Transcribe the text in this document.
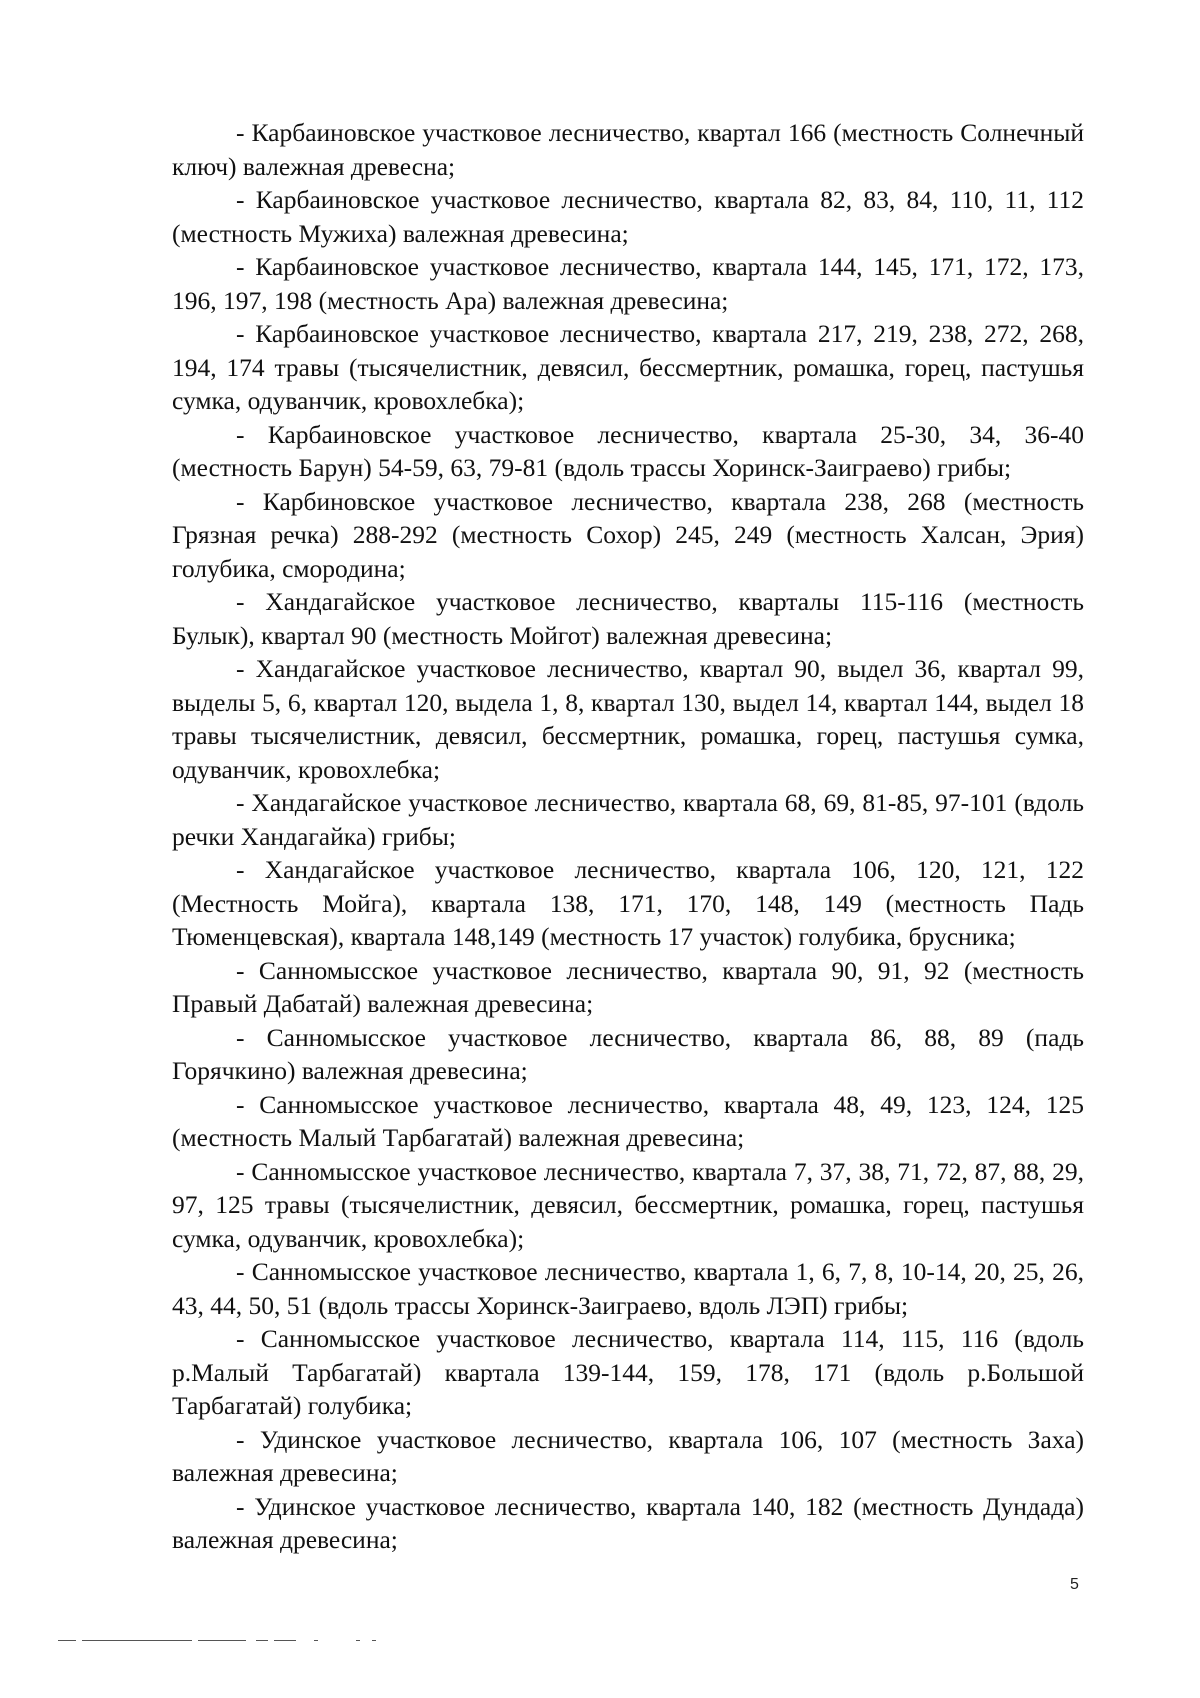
- Карбаиновское участковое лесничество, квартал 166 (местность Солнечный ключ) валежная древесна;

- Карбаиновское участковое лесничество, квартала 82, 83, 84, 110, 11, 112 (местность Мужиха) валежная древесина;

- Карбаиновское участковое лесничество, квартала 144, 145, 171, 172, 173, 196, 197, 198 (местность Ара) валежная древесина;

- Карбаиновское участковое лесничество, квартала 217, 219, 238, 272, 268, 194, 174 травы (тысячелистник, девясил, бессмертник, ромашка, горец, пастушья сумка, одуванчик, кровохлебка);

- Карбаиновское участковое лесничество, квартала 25-30, 34, 36-40 (местность Барун) 54-59, 63, 79-81 (вдоль трассы Хоринск-Заиграево) грибы;

- Карбиновское участковое лесничество, квартала 238, 268 (местность Грязная речка) 288-292 (местность Сохор) 245, 249 (местность Халсан, Эрия) голубика, смородина;

- Хандагайское участковое лесничество, кварталы 115-116 (местность Булык), квартал 90 (местность Мойгот) валежная древесина;

- Хандагайское участковое лесничество, квартал 90, выдел 36, квартал 99, выделы 5, 6, квартал 120, выдела 1, 8, квартал 130, выдел 14, квартал 144, выдел 18 травы тысячелистник, девясил, бессмертник, ромашка, горец, пастушья сумка, одуванчик, кровохлебка;

- Хандагайское участковое лесничество, квартала 68, 69, 81-85, 97-101 (вдоль речки Хандагайка) грибы;

- Хандагайское участковое лесничество, квартала 106, 120, 121, 122 (Местность Мойга), квартала 138, 171, 170, 148, 149 (местность Падь Тюменцевская), квартала 148,149 (местность 17 участок) голубика, брусника;

- Санномысское участковое лесничество, квартала 90, 91, 92 (местность Правый Дабатай) валежная древесина;

- Санномысское участковое лесничество, квартала 86, 88, 89 (падь Горячкино) валежная древесина;

- Санномысское участковое лесничество, квартала 48, 49, 123, 124, 125 (местность Малый Тарбагатай) валежная древесина;

- Санномысское участковое лесничество, квартала 7, 37, 38, 71, 72, 87, 88, 29, 97, 125 травы (тысячелистник, девясил, бессмертник, ромашка, горец, пастушья сумка, одуванчик, кровохлебка);

- Санномысское участковое лесничество, квартала 1, 6, 7, 8, 10-14, 20, 25, 26, 43, 44, 50, 51 (вдоль трассы Хоринск-Заиграево, вдоль ЛЭП) грибы;

- Санномысское участковое лесничество, квартала 114, 115, 116 (вдоль р.Малый Тарбагатай) квартала 139-144, 159, 178, 171 (вдоль р.Большой Тарбагатай) голубика;

- Удинское участковое лесничество, квартала 106, 107 (местность Заха) валежная древесина;

- Удинское участковое лесничество, квартала 140, 182 (местность Дундада) валежная древесина;

5
